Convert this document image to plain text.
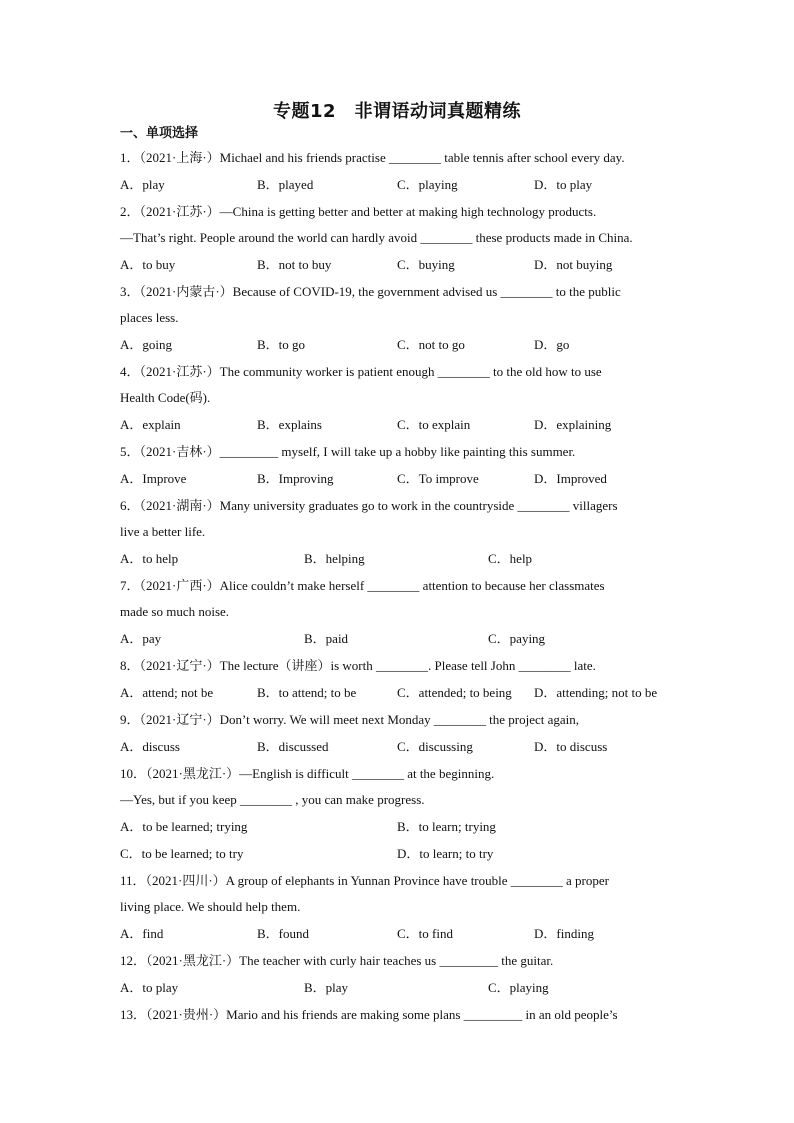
专题12　非谓语动词真题精练
一、单项选择
1．（2021·上海·）Michael and his friends practise ________ table tennis after school every day.
A．play	B．played	C．playing	D．to play
2．（2021·江苏·）—China is getting better and better at making high technology products.
—That’s right. People around the world can hardly avoid ________ these products made in China.
A．to buy	B．not to buy	C．buying	D．not buying
3．（2021·内蒙古·）Because of COVID-19, the government advised us ________ to the public
places less.
A．going	B．to go	C．not to go	D．go
4．（2021·江苏·）The community worker is patient enough ________ to the old how to use
Health Code(码).
A．explain	B．explains	C．to explain	D．explaining
5．（2021·吉林·）_________ myself, I will take up a hobby like painting this summer.
A．Improve	B．Improving	C．To improve	D．Improved
6．（2021·湖南·）Many university graduates go to work in the countryside ________ villagers
live a better life.
A．to help	B．helping	C．help
7．（2021·广西·）Alice couldn’t make herself ________ attention to because her classmates
made so much noise.
A．pay	B．paid	C．paying
8．（2021·辽宁·）The lecture（讲座）is worth ________. Please tell John ________ late.
A．attend; not be	B．to attend; to be	C．attended; to being D．attending; not to be
9．（2021·辽宁·）Don’t worry. We will meet next Monday ________ the project again,
A．discuss	B．discussed	C．discussing	D．to discuss
10．（2021·黑龙江·）—English is difficult ________ at the beginning.
—Yes, but if you keep ________ , you can make progress.
A．to be learned; trying	B．to learn; trying
C．to be learned; to try	D．to learn; to try
11．（2021·四川·）A group of elephants in Yunnan Province have trouble ________ a proper
living place. We should help them.
A．find	B．found	C．to find	D．finding
12．（2021·黑龙江·）The teacher with curly hair teaches us _________ the guitar.
A．to play	B．play	C．playing
13．（2021·贵州·）Mario and his friends are making some plans _________ in an old people’s
